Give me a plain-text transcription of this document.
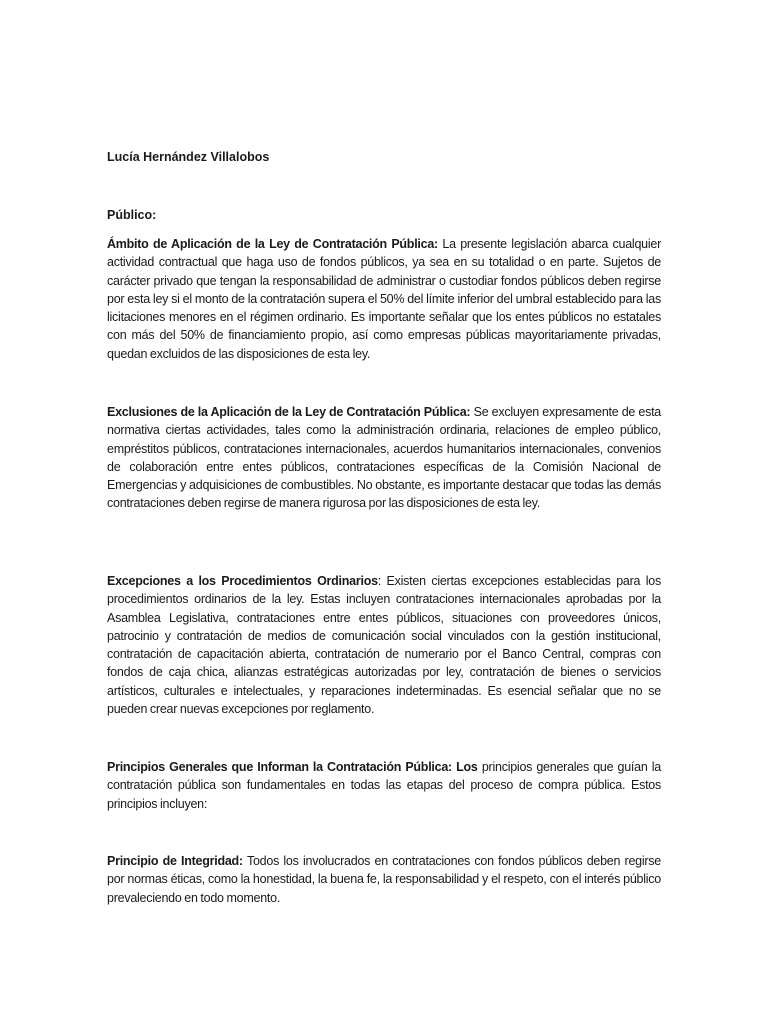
Lucía Hernández Villalobos
Público:

Ámbito de Aplicación de la Ley de Contratación Pública: La presente legislación abarca cualquier actividad contractual que haga uso de fondos públicos, ya sea en su totalidad o en parte. Sujetos de carácter privado que tengan la responsabilidad de administrar o custodiar fondos públicos deben regirse por esta ley si el monto de la contratación supera el 50% del límite inferior del umbral establecido para las licitaciones menores en el régimen ordinario. Es importante señalar que los entes públicos no estatales con más del 50% de financiamiento propio, así como empresas públicas mayoritariamente privadas, quedan excluidos de las disposiciones de esta ley.

Exclusiones de la Aplicación de la Ley de Contratación Pública: Se excluyen expresamente de esta normativa ciertas actividades, tales como la administración ordinaria, relaciones de empleo público, empréstitos públicos, contrataciones internacionales, acuerdos humanitarios internacionales, convenios de colaboración entre entes públicos, contrataciones específicas de la Comisión Nacional de Emergencias y adquisiciones de combustibles. No obstante, es importante destacar que todas las demás contrataciones deben regirse de manera rigurosa por las disposiciones de esta ley.

Excepciones a los Procedimientos Ordinarios: Existen ciertas excepciones establecidas para los procedimientos ordinarios de la ley. Estas incluyen contrataciones internacionales aprobadas por la Asamblea Legislativa, contrataciones entre entes públicos, situaciones con proveedores únicos, patrocinio y contratación de medios de comunicación social vinculados con la gestión institucional, contratación de capacitación abierta, contratación de numerario por el Banco Central, compras con fondos de caja chica, alianzas estratégicas autorizadas por ley, contratación de bienes o servicios artísticos, culturales e intelectuales, y reparaciones indeterminadas. Es esencial señalar que no se pueden crear nuevas excepciones por reglamento.

Principios Generales que Informan la Contratación Pública: Los principios generales que guían la contratación pública son fundamentales en todas las etapas del proceso de compra pública. Estos principios incluyen:

Principio de Integridad: Todos los involucrados en contrataciones con fondos públicos deben regirse por normas éticas, como la honestidad, la buena fe, la responsabilidad y el respeto, con el interés público prevaleciendo en todo momento.
